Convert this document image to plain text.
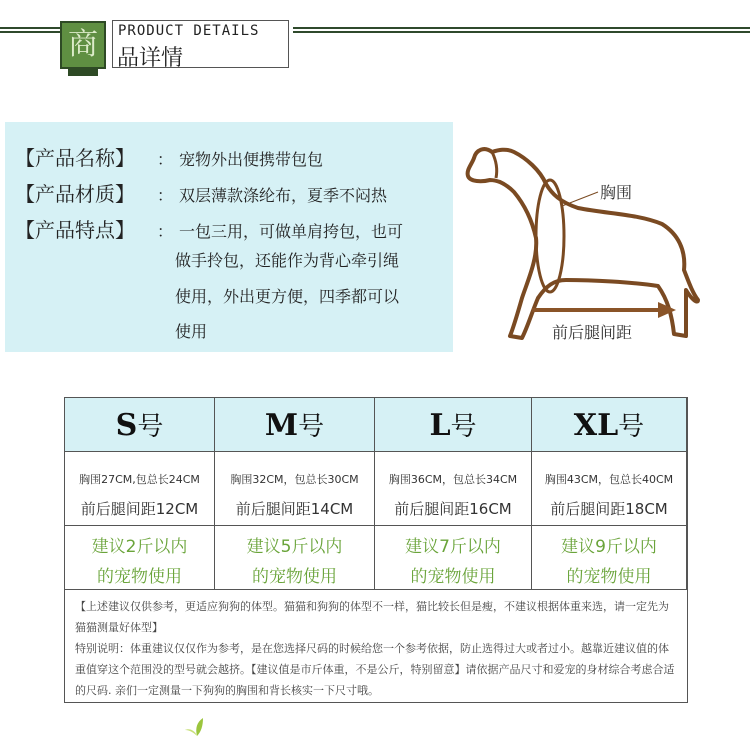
商	PRODUCT DETAILS
品详情
【产品名称】 ： 宠物外出便携带包包
【产品材质】 ： 双层薄款涤纶布，夏季不闷热
【产品特点】 ： 一包三用，可做单肩挎包，也可
做手拎包，还能作为背心牵引绳
使用，外出更方便，四季都可以
使用
胸围
前后腿间距
S号
胸围27CM,包总长24CM
前后腿间距12CM
建议2斤以内
的宠物使用
M号
胸围32CM，包总长30CM
前后腿间距14CM
建议5斤以内
的宠物使用
L号
胸围36CM，包总长34CM
前后腿间距16CM
建议7斤以内
的宠物使用
XL号
胸围43CM，包总长40CM
前后腿间距18CM
建议9斤以内
的宠物使用
【上述建议仅供参考，更适应狗狗的体型。猫猫和狗狗的体型不一样，猫比较长但是瘦，不建议根据体重来选，请一定先为猫猫测量好体型】
特别说明：体重建议仅仅作为参考，是在您选择尺码的时候给您一个参考依据，防止选得过大或者过小。越靠近建议值的体重值穿这个范围没的型号就会越挤。【建议值是市斤体重，不是公斤，特别留意】请依据产品尺寸和爱宠的身材综合考虑合适的尺码. 亲们一定测量一下狗狗的胸围和背长核实一下尺寸哦。
